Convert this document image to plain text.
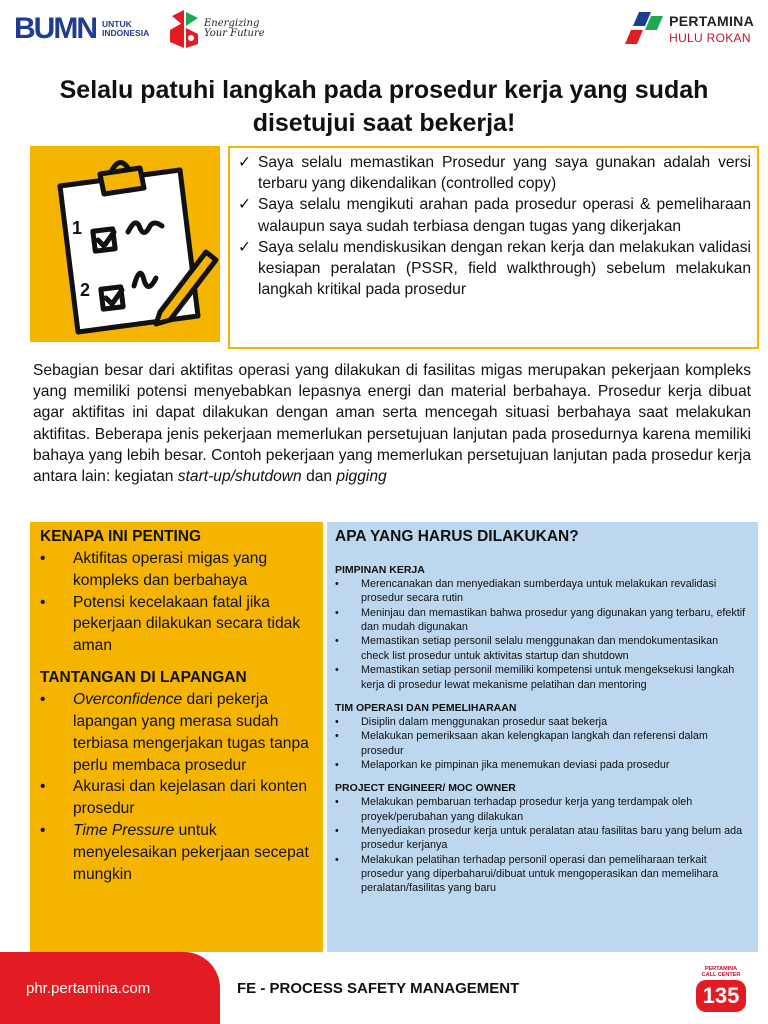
BUMN UNTUK
INDONESIA
Energizing
Your Future
PERTAMINA
HULU ROKAN
Selalu patuhi langkah pada prosedur kerja yang sudah
disetujui saat bekerja!
1
2
✓ Saya selalu memastikan Prosedur yang saya gunakan adalah versi terbaru yang dikendalikan (controlled copy)
✓ Saya selalu mengikuti arahan pada prosedur operasi & pemeliharaan walaupun saya sudah terbiasa dengan tugas yang dikerjakan
✓ Saya selalu mendiskusikan dengan rekan kerja dan melakukan validasi kesiapan peralatan (PSSR, field walkthrough) sebelum melakukan langkah kritikal pada prosedur

Sebagian besar dari aktifitas operasi yang dilakukan di fasilitas migas merupakan pekerjaan kompleks yang memiliki potensi menyebabkan lepasnya energi dan material berbahaya. Prosedur kerja dibuat agar aktifitas ini dapat dilakukan dengan aman serta mencegah situasi berbahaya saat melakukan aktifitas. Beberapa jenis pekerjaan memerlukan persetujuan lanjutan pada prosedurnya karena memiliki bahaya yang lebih besar. Contoh pekerjaan yang memerlukan persetujuan lanjutan pada prosedur kerja antara lain: kegiatan start-up/shutdown dan pigging

KENAPA INI PENTING
• Aktifitas operasi migas yang kompleks dan berbahaya
• Potensi kecelakaan fatal jika pekerjaan dilakukan secara tidak aman
TANTANGAN DI LAPANGAN
• Overconfidence dari pekerja lapangan yang merasa sudah terbiasa mengerjakan tugas tanpa perlu membaca prosedur
• Akurasi dan kejelasan dari konten prosedur
• Time Pressure untuk menyelesaikan pekerjaan secepat mungkin
APA YANG HARUS DILAKUKAN?
PIMPINAN KERJA
• Merencanakan dan menyediakan sumberdaya untuk melakukan revalidasi prosedur secara rutin
• Meninjau dan memastikan bahwa prosedur yang digunakan yang terbaru, efektif dan mudah digunakan
• Memastikan setiap personil selalu menggunakan dan mendokumentasikan check list prosedur untuk aktivitas startup dan shutdown
• Memastikan setiap personil memiliki kompetensi untuk mengeksekusi langkah kerja di prosedur lewat mekanisme pelatihan dan mentoring
TIM OPERASI DAN PEMELIHARAAN
• Disiplin dalam menggunakan prosedur saat bekerja
• Melakukan pemeriksaan akan kelengkapan langkah dan referensi dalam prosedur
• Melaporkan ke pimpinan jika menemukan deviasi pada prosedur
PROJECT ENGINEER/ MOC OWNER
• Melakukan pembaruan terhadap prosedur kerja yang terdampak oleh proyek/perubahan yang dilakukan
• Menyediakan prosedur kerja untuk peralatan atau fasilitas baru yang belum ada prosedur kerjanya
• Melakukan pelatihan terhadap personil operasi dan pemeliharaan terkait prosedur yang diperbaharui/dibuat untuk mengoperasikan dan memelihara peralatan/fasilitas yang baru
phr.pertamina.com	FE - PROCESS SAFETY MANAGEMENT
PERTAMINA
CALL CENTER
135
